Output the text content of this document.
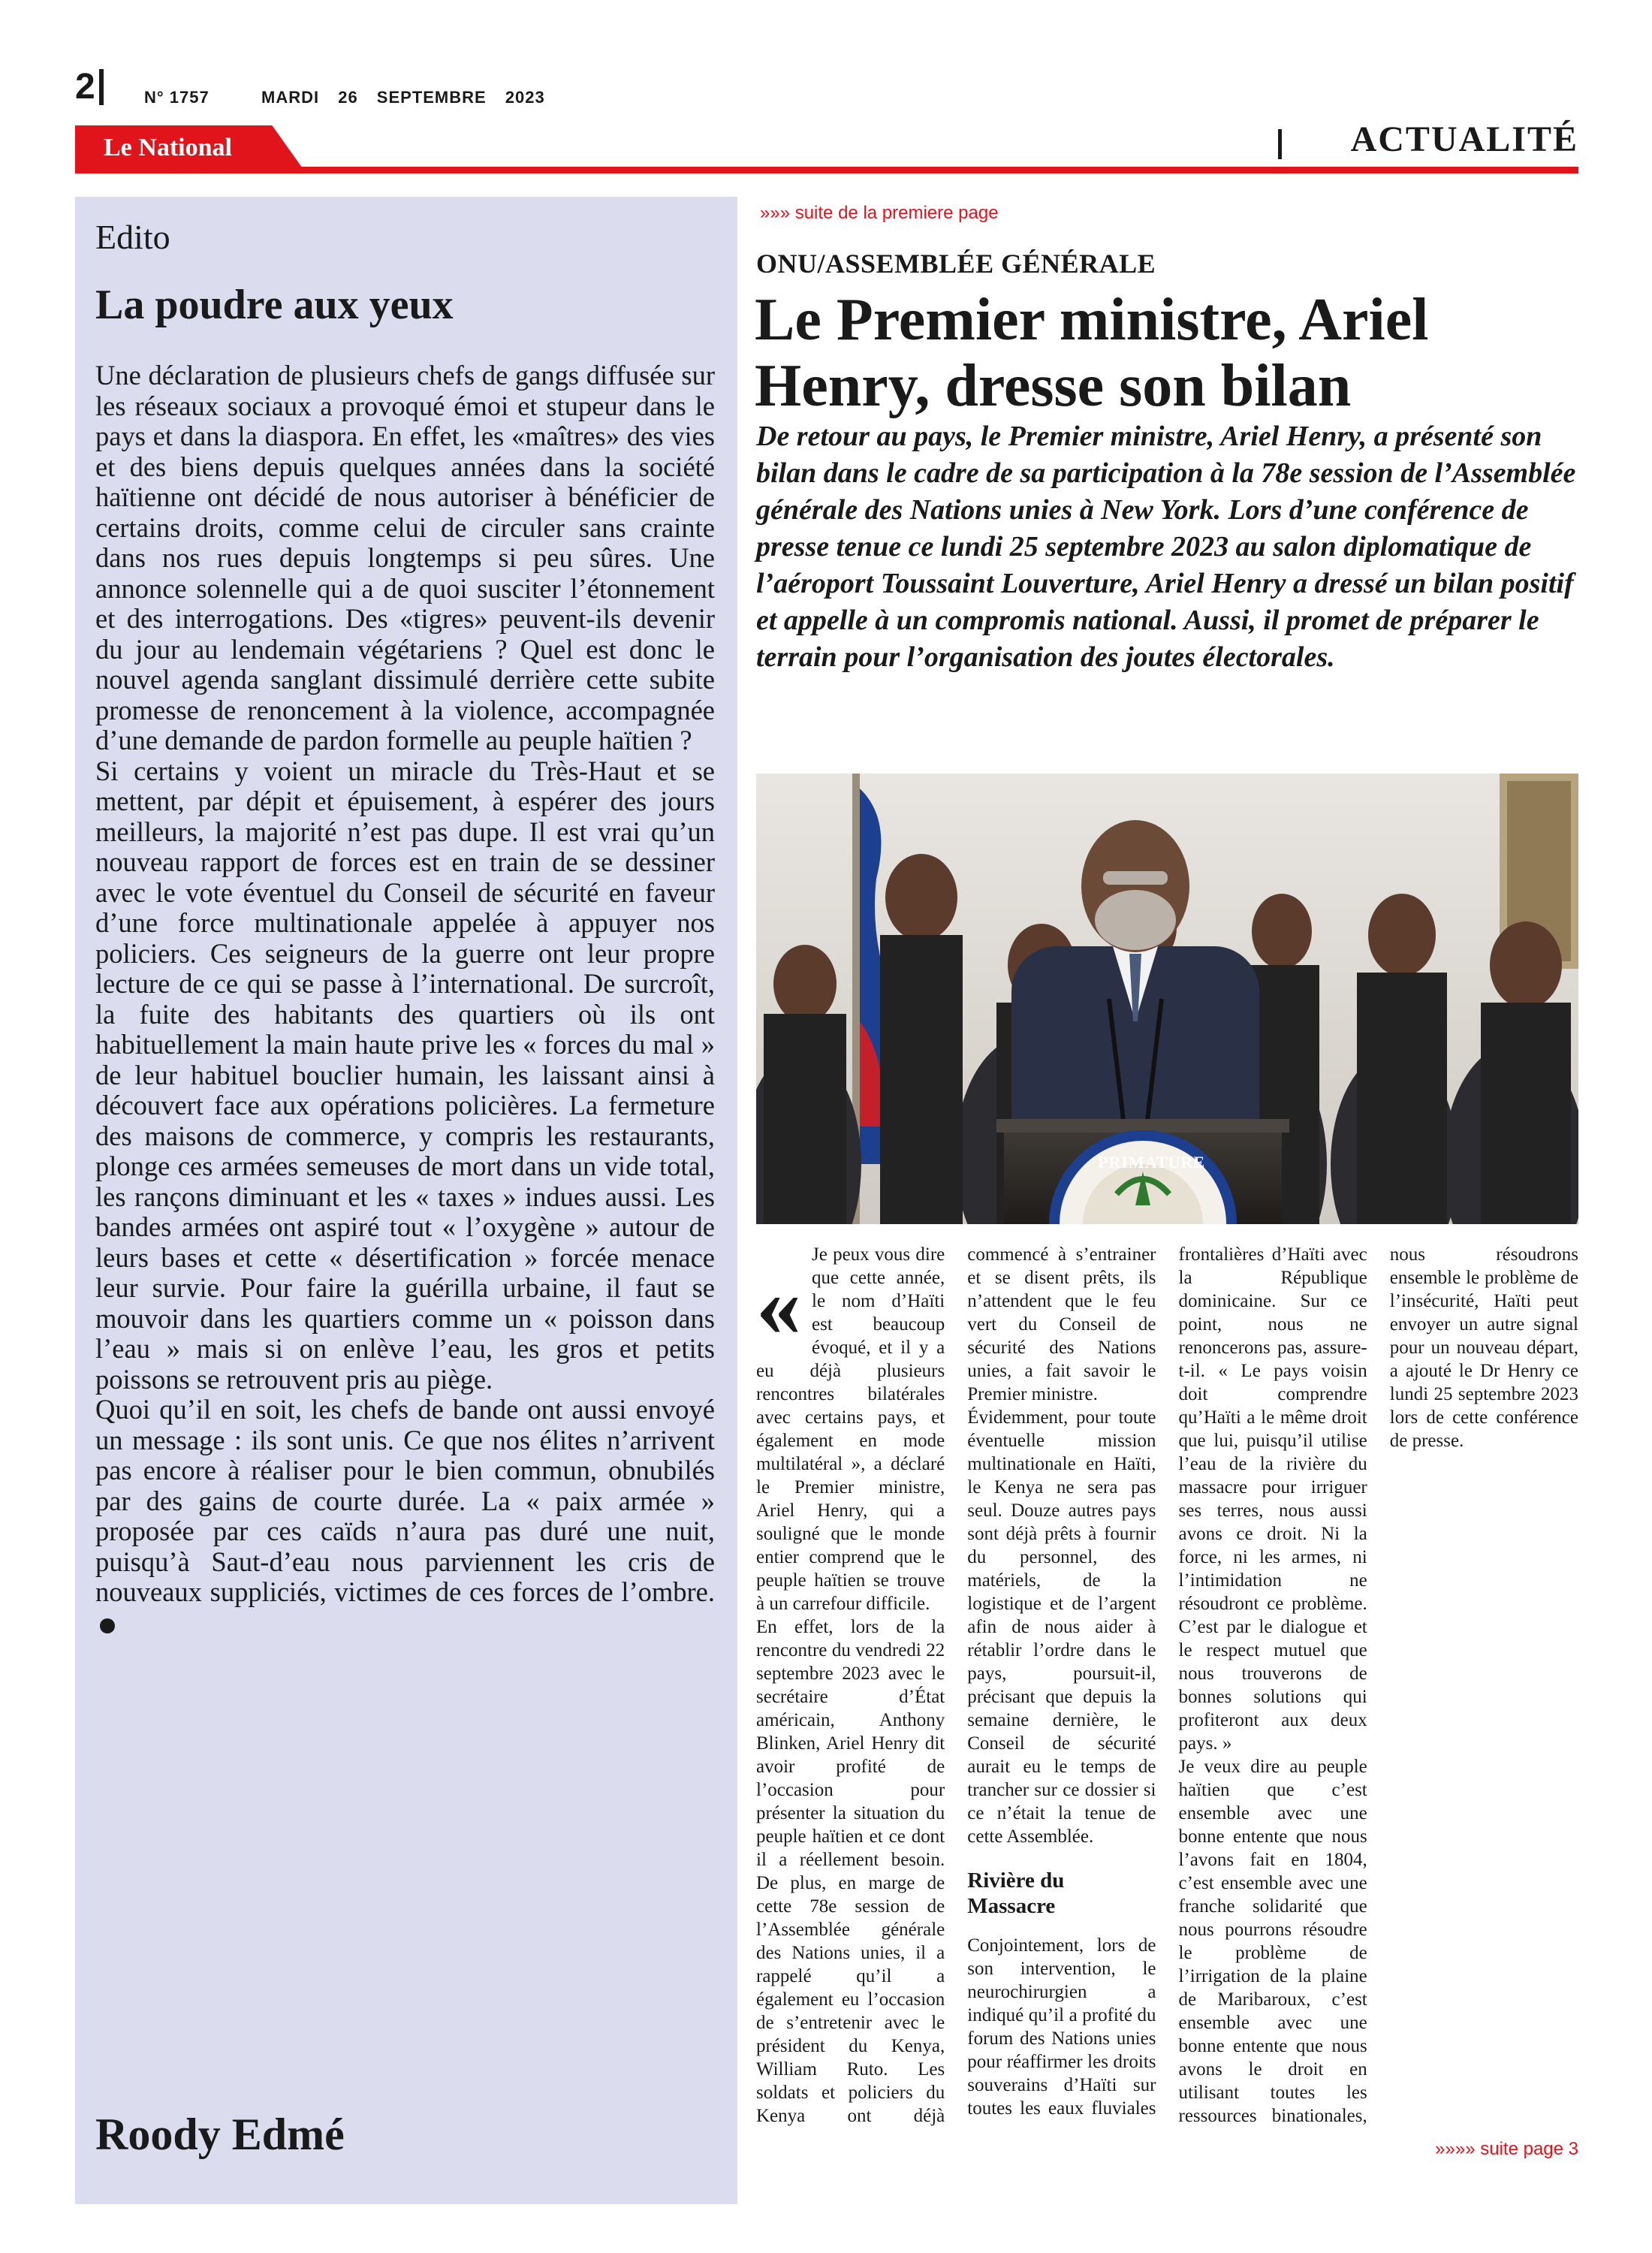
2	N° 1757	MARDI 26 SEPTEMBRE 2023
Le National	ACTUALITÉ
Edito
La poudre aux yeux

Une déclaration de plusieurs chefs de gangs diffusée sur les réseaux sociaux a provoqué émoi et stupeur dans le pays et dans la diaspora. En effet, les «maîtres» des vies et des biens depuis quelques années dans la société haïtienne ont décidé de nous autoriser à bénéficier de certains droits, comme celui de circuler sans crainte dans nos rues depuis longtemps si peu sûres. Une annonce solennelle qui a de quoi susciter l’étonnement et des interrogations. Des «tigres» peuvent-ils devenir du jour au lendemain végétariens ? Quel est donc le nouvel agenda sanglant dissimulé derrière cette subite promesse de renoncement à la violence, accompagnée d’une demande de pardon formelle au peuple haïtien ?

Si certains y voient un miracle du Très-Haut et se mettent, par dépit et épuisement, à espérer des jours meilleurs, la majorité n’est pas dupe. Il est vrai qu’un nouveau rapport de forces est en train de se dessiner avec le vote éventuel du Conseil de sécurité en faveur d’une force multinationale appelée à appuyer nos policiers. Ces seigneurs de la guerre ont leur propre lecture de ce qui se passe à l’international. De surcroît, la fuite des habitants des quartiers où ils ont habituellement la main haute prive les « forces du mal » de leur habituel bouclier humain, les laissant ainsi à découvert face aux opérations policières. La fermeture des maisons de commerce, y compris les restaurants, plonge ces armées semeuses de mort dans un vide total, les rançons diminuant et les « taxes » indues aussi. Les bandes armées ont aspiré tout « l’oxygène » autour de leurs bases et cette « désertification » forcée menace leur survie. Pour faire la guérilla urbaine, il faut se mouvoir dans les quartiers comme un « poisson dans l’eau » mais si on enlève l’eau, les gros et petits poissons se retrouvent pris au piège.

Quoi qu’il en soit, les chefs de bande ont aussi envoyé un message : ils sont unis. Ce que nos élites n’arrivent pas encore à réaliser pour le bien commun, obnubilés par des gains de courte durée. La « paix armée » proposée par ces caïds n’aura pas duré une nuit, puisqu’à Saut-d’eau nous parviennent les cris de nouveaux suppliciés, victimes de ces forces de l’ombre.

Roody Edmé
»»» suite de la premiere page
ONU/ASSEMBLÉE GÉNÉRALE
Le Premier ministre, Ariel Henry, dresse son bilan
De retour au pays, le Premier ministre, Ariel Henry, a présenté son bilan dans le cadre de sa participation à la 78e session de l’Assemblée générale des Nations unies à New York. Lors d’une conférence de presse tenue ce lundi 25 septembre 2023 au salon diplomatique de l’aéroport Toussaint Louverture, Ariel Henry a dressé un bilan positif et appelle à un compromis national. Aussi, il promet de préparer le terrain pour l’organisation des joutes électorales.
PRIMATURE
«

Je peux vous dire que cette année, le nom d’Haïti est beaucoup évoqué, et il y a eu déjà plusieurs rencontres bilatérales avec certains pays, et également en mode multilatéral », a déclaré le Premier ministre, Ariel Henry, qui a souligné que le monde entier comprend que le peuple haïtien se trouve à un carrefour difficile.

En effet, lors de la rencontre du vendredi 22 septembre 2023 avec le secrétaire d’État américain, Anthony Blinken, Ariel Henry dit avoir profité de l’occasion pour présenter la situation du peuple haïtien et ce dont il a réellement besoin. De plus, en marge de cette 78e session de l’Assemblée générale des Nations unies, il a rappelé qu’il a également eu l’occasion de s’entretenir avec le président du Kenya, William Ruto. Les soldats et policiers du Kenya ont déjà commencé à s’entrainer et se disent prêts, ils n’attendent que le feu vert du Conseil de sécurité des Nations unies, a fait savoir le Premier ministre.

Évidemment, pour toute éventuelle mission multinationale en Haïti, le Kenya ne sera pas seul. Douze autres pays sont déjà prêts à fournir du personnel, des matériels, de la logistique et de l’argent afin de nous aider à rétablir l’ordre dans le pays, poursuit-il, précisant que depuis la semaine dernière, le Conseil de sécurité aurait eu le temps de trancher sur ce dossier si ce n’était la tenue de cette Assemblée.

Rivière du Massacre

Conjointement, lors de son intervention, le neurochirurgien a indiqué qu’il a profité du forum des Nations unies pour réaffirmer les droits souverains d’Haïti sur toutes les eaux fluviales frontalières d’Haïti avec la République dominicaine. Sur ce point, nous ne renoncerons pas, assure-t-il. « Le pays voisin doit comprendre qu’Haïti a le même droit que lui, puisqu’il utilise l’eau de la rivière du massacre pour irriguer ses terres, nous aussi avons ce droit. Ni la force, ni les armes, ni l’intimidation ne résoudront ce problème. C’est par le dialogue et le respect mutuel que nous trouverons de bonnes solutions qui profiteront aux deux pays. »

Je veux dire au peuple haïtien que c’est ensemble avec une bonne entente que nous l’avons fait en 1804, c’est ensemble avec une franche solidarité que nous pourrons résoudre le problème de l’irrigation de la plaine de Maribaroux, c’est ensemble avec une bonne entente que nous avons le droit en utilisant toutes les ressources binationales, nous résoudrons ensemble le problème de l’insécurité, Haïti peut envoyer un autre signal pour un nouveau départ, a ajouté le Dr Henry ce lundi 25 septembre 2023 lors de cette conférence de presse.

»»»» suite page 3
